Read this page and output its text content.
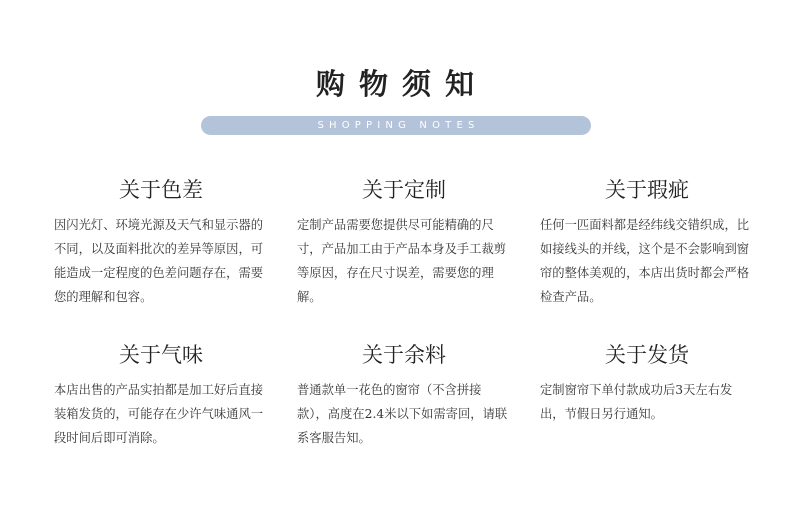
购物须知
SHOPPING NOTES
关于色差

因闪光灯、环境光源及天气和显示器的不同，以及面料批次的差异等原因，可能造成一定程度的色差问题存在，需要您的理解和包容。

关于定制

定制产品需要您提供尽可能精确的尺寸，产品加工由于产品本身及手工裁剪等原因，存在尺寸误差，需要您的理解。

关于瑕疵

任何一匹面料都是经纬线交错织成，比如接线头的并线，这个是不会影响到窗帘的整体美观的，本店出货时都会严格检查产品。

关于气味

本店出售的产品实拍都是加工好后直接装箱发货的，可能存在少许气味通风一段时间后即可消除。

关于余料

普通款单一花色的窗帘（不含拼接款），高度在2.4米以下如需寄回，请联系客服告知。

关于发货

定制窗帘下单付款成功后3天左右发出，节假日另行通知。
